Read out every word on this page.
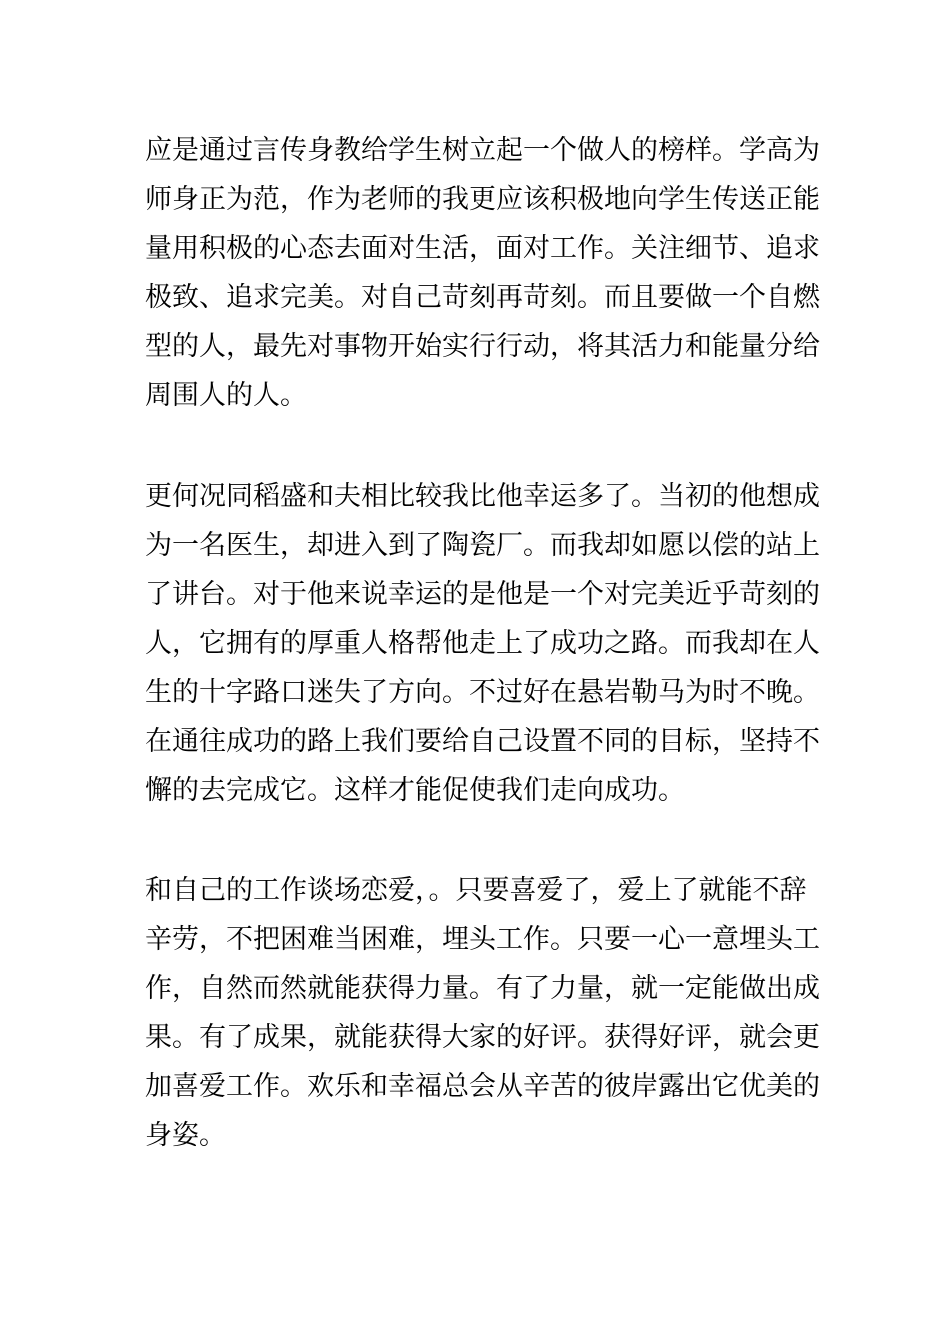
应是通过言传身教给学生树立起一个做人的榜样。学高为
师身正为范，作为老师的我更应该积极地向学生传送正能
量用积极的心态去面对生活，面对工作。关注细节、追求
极致、追求完美。对自己苛刻再苛刻。而且要做一个自燃
型的人，最先对事物开始实行行动，将其活力和能量分给
周围人的人。

更何况同稻盛和夫相比较我比他幸运多了。当初的他想成
为一名医生，却进入到了陶瓷厂。而我却如愿以偿的站上
了讲台。对于他来说幸运的是他是一个对完美近乎苛刻的
人，它拥有的厚重人格帮他走上了成功之路。而我却在人
生的十字路口迷失了方向。不过好在悬岩勒马为时不晚。
在通往成功的路上我们要给自己设置不同的目标，坚持不
懈的去完成它。这样才能促使我们走向成功。

和自己的工作谈场恋爱，。只要喜爱了，爱上了就能不辞
辛劳，不把困难当困难，埋头工作。只要一心一意埋头工
作，自然而然就能获得力量。有了力量，就一定能做出成
果。有了成果，就能获得大家的好评。获得好评，就会更
加喜爱工作。欢乐和幸福总会从辛苦的彼岸露出它优美的
身姿。
